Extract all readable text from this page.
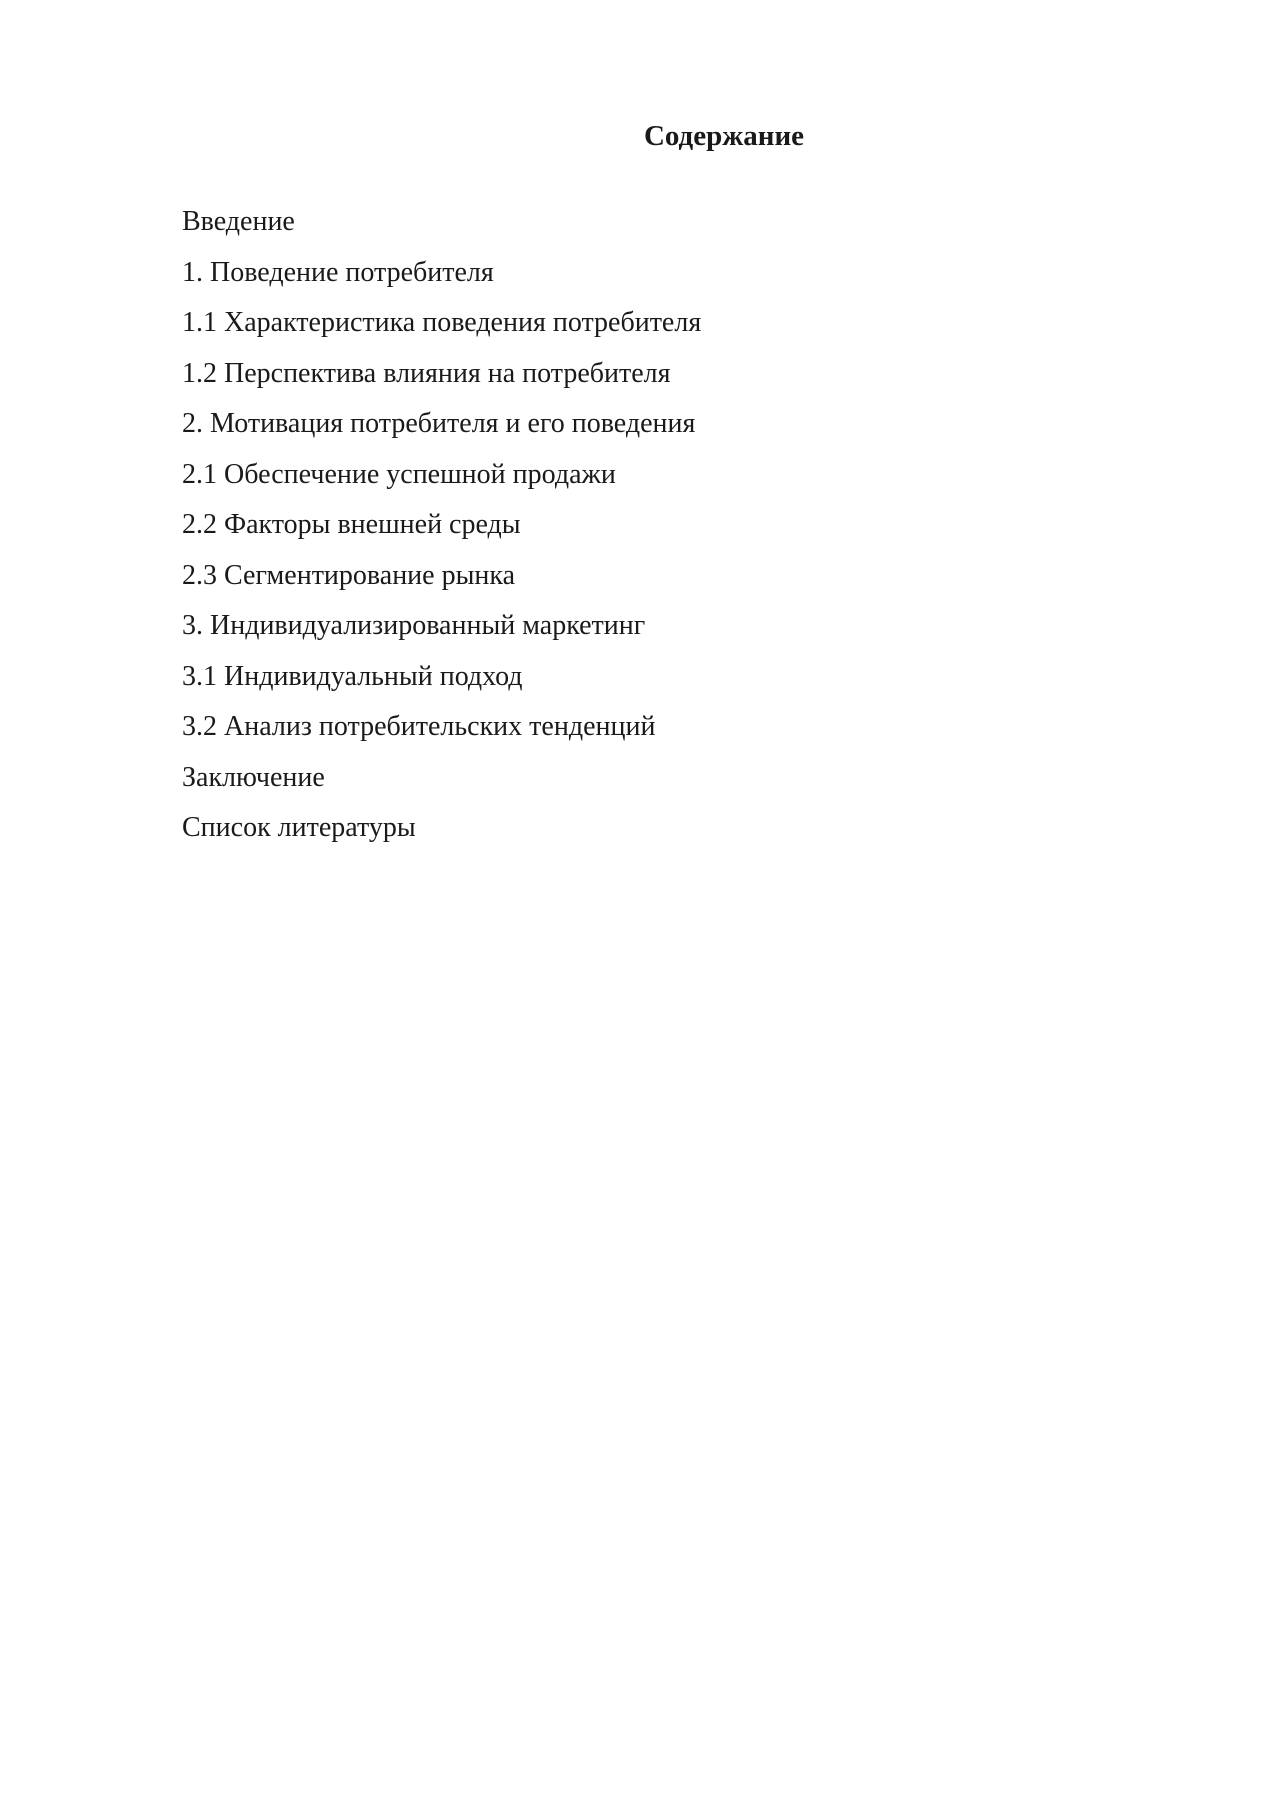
Содержание
Введение
1. Поведение потребителя
1.1 Характеристика поведения потребителя
1.2 Перспектива влияния на потребителя
2. Мотивация потребителя и его поведения
2.1 Обеспечение успешной продажи
2.2 Факторы внешней среды
2.3 Сегментирование рынка
3. Индивидуализированный маркетинг
3.1 Индивидуальный подход
3.2 Анализ потребительских тенденций
Заключение
Список литературы
